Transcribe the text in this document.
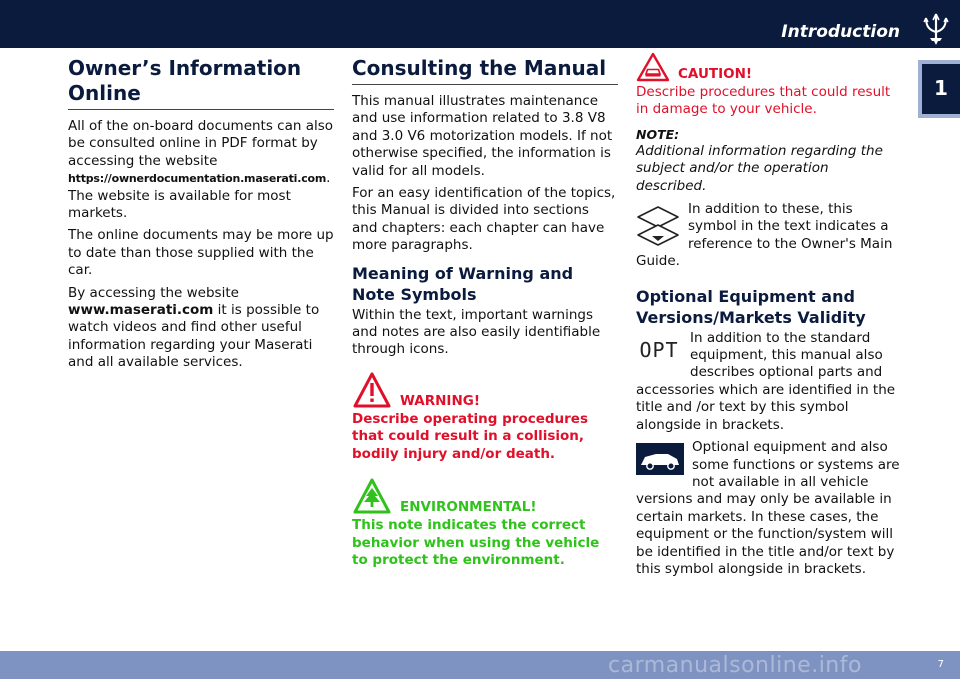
Introduction
1
Owner’s Information Online

All of the on-board documents can also be consulted online in PDF format by accessing the website https://ownerdocumentation.maserati.com. The website is available for most markets.

The online documents may be more up to date than those supplied with the car.

By accessing the website www.maserati.com it is possible to watch videos and find other useful information regarding your Maserati and all available services.

Consulting the Manual

This manual illustrates maintenance and use information related to 3.8 V8 and 3.0 V6 motorization models. If not otherwise specified, the information is valid for all models.

For an easy identification of the topics, this Manual is divided into sections and chapters: each chapter can have more paragraphs.

Meaning of Warning and Note Symbols

Within the text, important warnings and notes are also easily identifiable through icons.

WARNING!
Describe operating procedures that could result in a collision, bodily injury and/or death.
ENVIRONMENTAL!
This note indicates the correct behavior when using the vehicle to protect the environment.
CAUTION!
Describe procedures that could result in damage to your vehicle.
NOTE:
Additional information regarding the subject and/or the operation described.

In addition to these, this symbol in the text indicates a reference to the Owner's Main Guide.

Optional Equipment and Versions/Markets Validity

OPT In addition to the standard equipment, this manual also describes optional parts and accessories which are identified in the title and /or text by this symbol alongside in brackets.

Optional equipment and also some functions or systems are not available in all vehicle versions and may only be available in certain markets. In these cases, the equipment or the function/system will be identified in the title and/or text by this symbol alongside in brackets.

carmanualsonline.info	7
